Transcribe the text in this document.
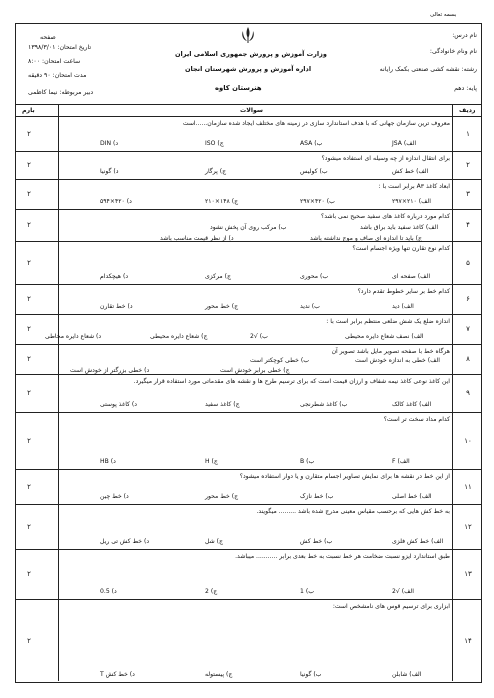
بسمه تعالی
صفحه
وزارت آموزش و پرورش جمهوری اسلامی ایران
اداره آموزش و پرورش شهرستان انجان
هنرستان کاوه
نام درس:
نام ونام خانوادگی:
رشته: نقشه کشی صنعتی بکمک رایانه
پایه: دهم
تاریخ امتحان: ۱۳۹۸/۳/۰۱
ساعت امتحان: ۸:۰۰
مدت امتحان: ۹۰ دقیقه
دبیر مربوطه: نیما کاظمی
ردیف
سوالات
بارم
۱
۲
معروف ترین سازمان جهانی که با هدف استاندارد سازی در زمینه های مختلف ایجاد شده سازمان......است
الف) JSA
ب) ASA
ج) ISO
د) DIN
۲
۲
برای انتقال اندازه از چه وسیله ای استفاده میشود؟
الف) خط کش
ب) کولیس
ج) پرگار
د) گونیا
۳
۲
ابعاد کاغذ A۳ برابر است با :
الف) ۲۱۰×۲۹۷
ب) ۴۲۰×۲۹۷
ج) ۱۴۸×۲۱۰
د) ۴۲۰×۵۹۴
۴
۲
کدام مورد درباره کاغذ های سفید صحیح نمی باشد؟
الف) کاغذ سفید باید براق باشد
ب) مرکب روی آن پخش نشود
ج) باید تا اندازه ای صاف و موج نداشته باشد
د) از نظر قیمت مناسب باشد
۵
۲
کدام نوع تقارن تنها ویژه اجسام است؟
الف) صفحه ای
ب) محوری
ج) مرکزی
د) هیچکدام
۶
۲
کدام خط بر سایر خطوط تقدم دارد؟
الف) دید
ب) ندید
ج) خط محور
د) خط تقارن
۷
۲
اندازه ضلع یک شش ضلعی منتظم برابر است با :
الف) نصف شعاع دایره محیطی
ب) √2
ج) شعاع دایره محیطی
د) شعاع دایره محاطی
۸
۲
هرگاه خط با صفحه تصویر مایل باشد تصویر آن
الف) خطی به اندازه خودش است
ب) خطی کوچکتر است
ج) خطی برابر خودش است
د) خطی بزرگتر از خودش است
۹
۲
این کاغذ نوعی کاغذ نیمه شفاف و ارزان قیمت است که برای ترسیم طرح ها و نقشه های مقدماتی مورد استفاده قرار میگیرد.
الف) کاغذ کالک
ب) کاغذ شطرنجی
ج) کاغذ سفید
د) کاغذ پوستی
۱۰
۲
کدام مداد سخت تر است؟
الف) F
ب) B
ج) H
د) HB
۱۱
۲
از این خط در نقشه ها برای نمایش تصاویر اجسام متقارن و یا دوار استفاده میشود؟
الف) خط اصلی
ب) خط نازک
ج) خط محور
د) خط چین
۱۲
۲
به خط کش هایی که برحسب مقیاس معینی مدرج شده باشد ......... میگویند.
الف) خط کش فلزی
ب) خط کش
ج) شل
د) خط کش تی ریل
۱۳
۲
طبق استاندارد ایزو نسبت ضخامت هر خط نسبت به خط بعدی برابر ........... میباشد.
الف) √2
ب) 1
ج) 2
د) 0.5
۱۴
۲
ابزاری برای ترسیم قوس های نامشخص است:
الف) شابلن
ب) گونیا
ج) پیستوله
د) خط کش T
